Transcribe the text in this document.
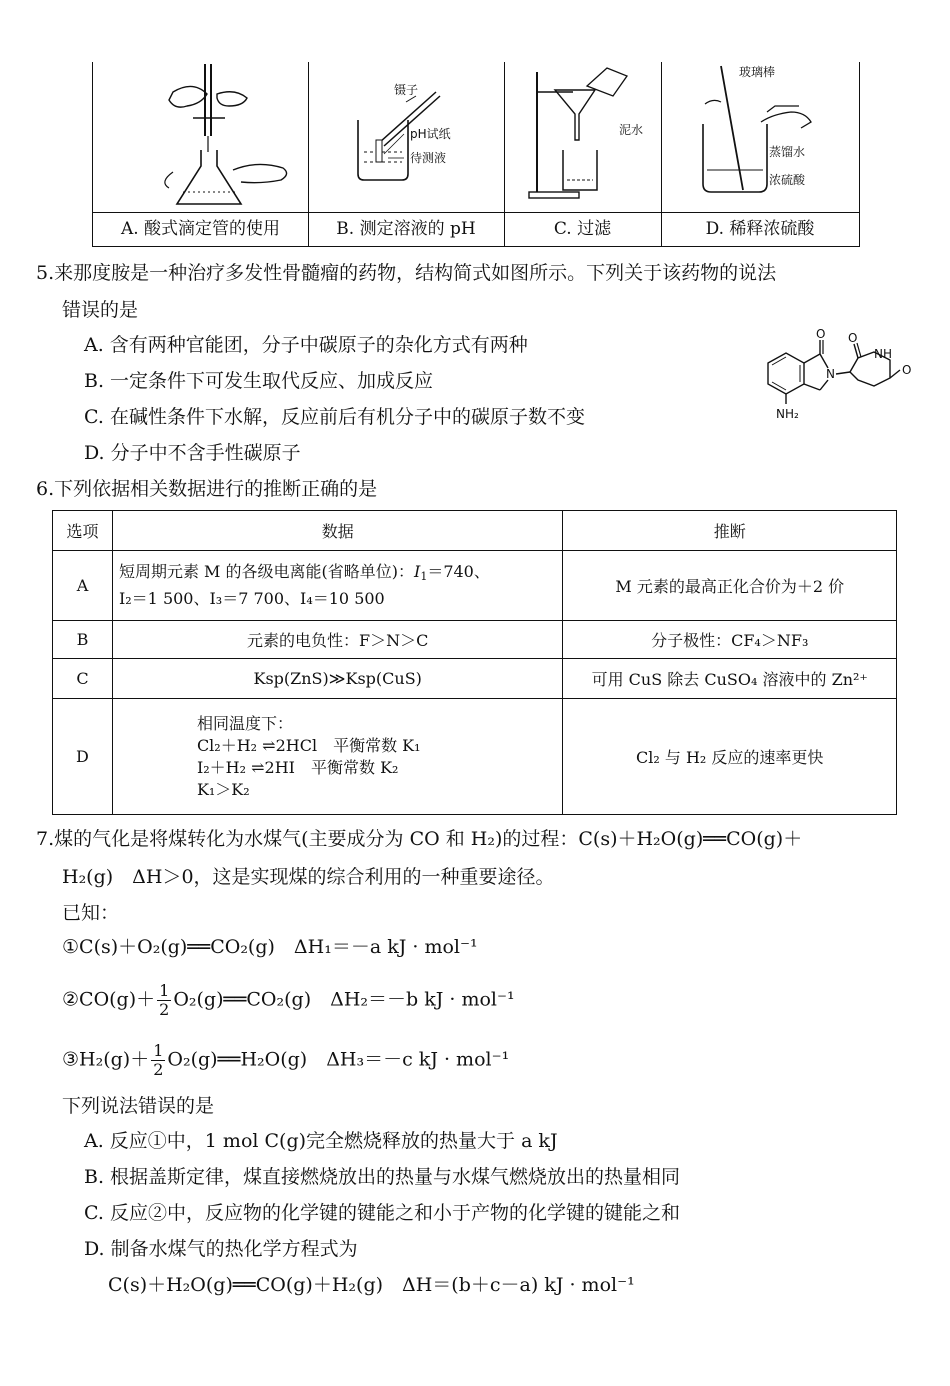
镊子
pH试纸
待测液
泥水
玻璃棒
蒸馏水
浓硫酸
A. 酸式滴定管的使用	B. 测定溶液的 pH	C. 过滤	D. 稀释浓硫酸
5.来那度胺是一种治疗多发性骨髓瘤的药物，结构简式如图所示。下列关于该药物的说法
错误的是
A. 含有两种官能团，分子中碳原子的杂化方式有两种
B. 一定条件下可发生取代反应、加成反应
C. 在碱性条件下水解，反应前后有机分子中的碳原子数不变
D. 分子中不含手性碳原子
O
NH
O
N
NH₂
O
6.下列依据相关数据进行的推断正确的是
选项	数据	推断
A	短周期元素 M 的各级电离能(省略单位)：$I_1=740$、
I₂＝1 500、I₃＝7 700、I₄＝10 500	M 元素的最高正化合价为＋2 价
B	元素的电负性：F＞N＞C	分子极性：CF₄＞NF₃
C	Ksp(ZnS)≫Ksp(CuS)	可用 CuS 除去 CuSO₄ 溶液中的 Zn²⁺
D	相同温度下：
Cl₂＋H₂ ⇌2HCl　平衡常数 K₁
I₂＋H₂ ⇌2HI　平衡常数 K₂
K₁＞K₂	Cl₂ 与 H₂ 反应的速率更快
7.煤的气化是将煤转化为水煤气(主要成分为 CO 和 H₂)的过程：C(s)＋H₂O(g)══CO(g)＋
H₂(g)　ΔH＞0，这是实现煤的综合利用的一种重要途径。
已知：
①C(s)＋O₂(g)══CO₂(g)　ΔH₁＝－a kJ · mol⁻¹
②CO(g)＋ $\frac{1}{2}$ O₂(g)══CO₂(g)　ΔH₂＝－b kJ · mol⁻¹
③H₂(g)＋ $\frac{1}{2}$ O₂(g)══H₂O(g)　ΔH₃＝－c kJ · mol⁻¹
下列说法错误的是
A. 反应①中，1 mol C(g)完全燃烧释放的热量大于 a kJ
B. 根据盖斯定律，煤直接燃烧放出的热量与水煤气燃烧放出的热量相同
C. 反应②中，反应物的化学键的键能之和小于产物的化学键的键能之和
D. 制备水煤气的热化学方程式为
C(s)＋H₂O(g)══CO(g)＋H₂(g)　ΔH＝(b＋c－a) kJ · mol⁻¹
